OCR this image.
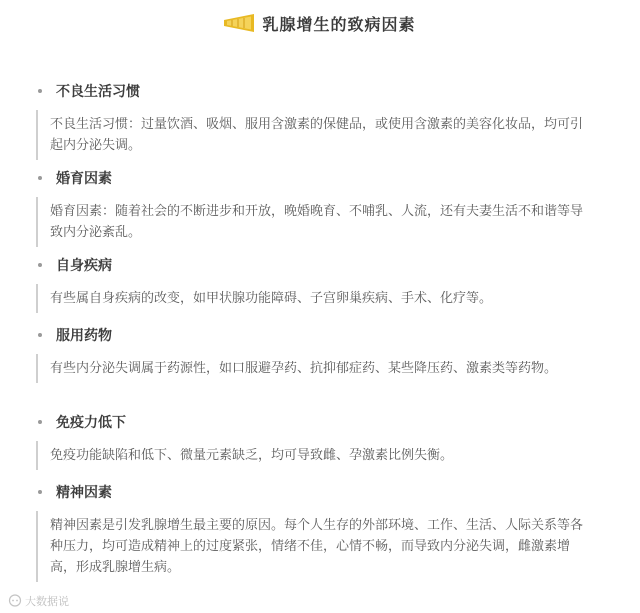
乳腺增生的致病因素
不良生活习惯
不良生活习惯：过量饮酒、吸烟、服用含激素的保健品，或使用含激素的美容化妆品，均可引起内分泌失调。
婚育因素
婚育因素：随着社会的不断进步和开放，晚婚晚育、不哺乳、人流，还有夫妻生活不和谐等导致内分泌紊乱。
自身疾病
有些属自身疾病的改变，如甲状腺功能障碍、子宫卵巢疾病、手术、化疗等。
服用药物
有些内分泌失调属于药源性，如口服避孕药、抗抑郁症药、某些降压药、激素类等药物。
免疫力低下
免疫功能缺陷和低下、微量元素缺乏，均可导致雌、孕激素比例失衡。
精神因素
精神因素是引发乳腺增生最主要的原因。每个人生存的外部环境、工作、生活、人际关系等各种压力，均可造成精神上的过度紧张，情绪不佳，心情不畅，而导致内分泌失调，雌激素增高，形成乳腺增生病。
大数据说
